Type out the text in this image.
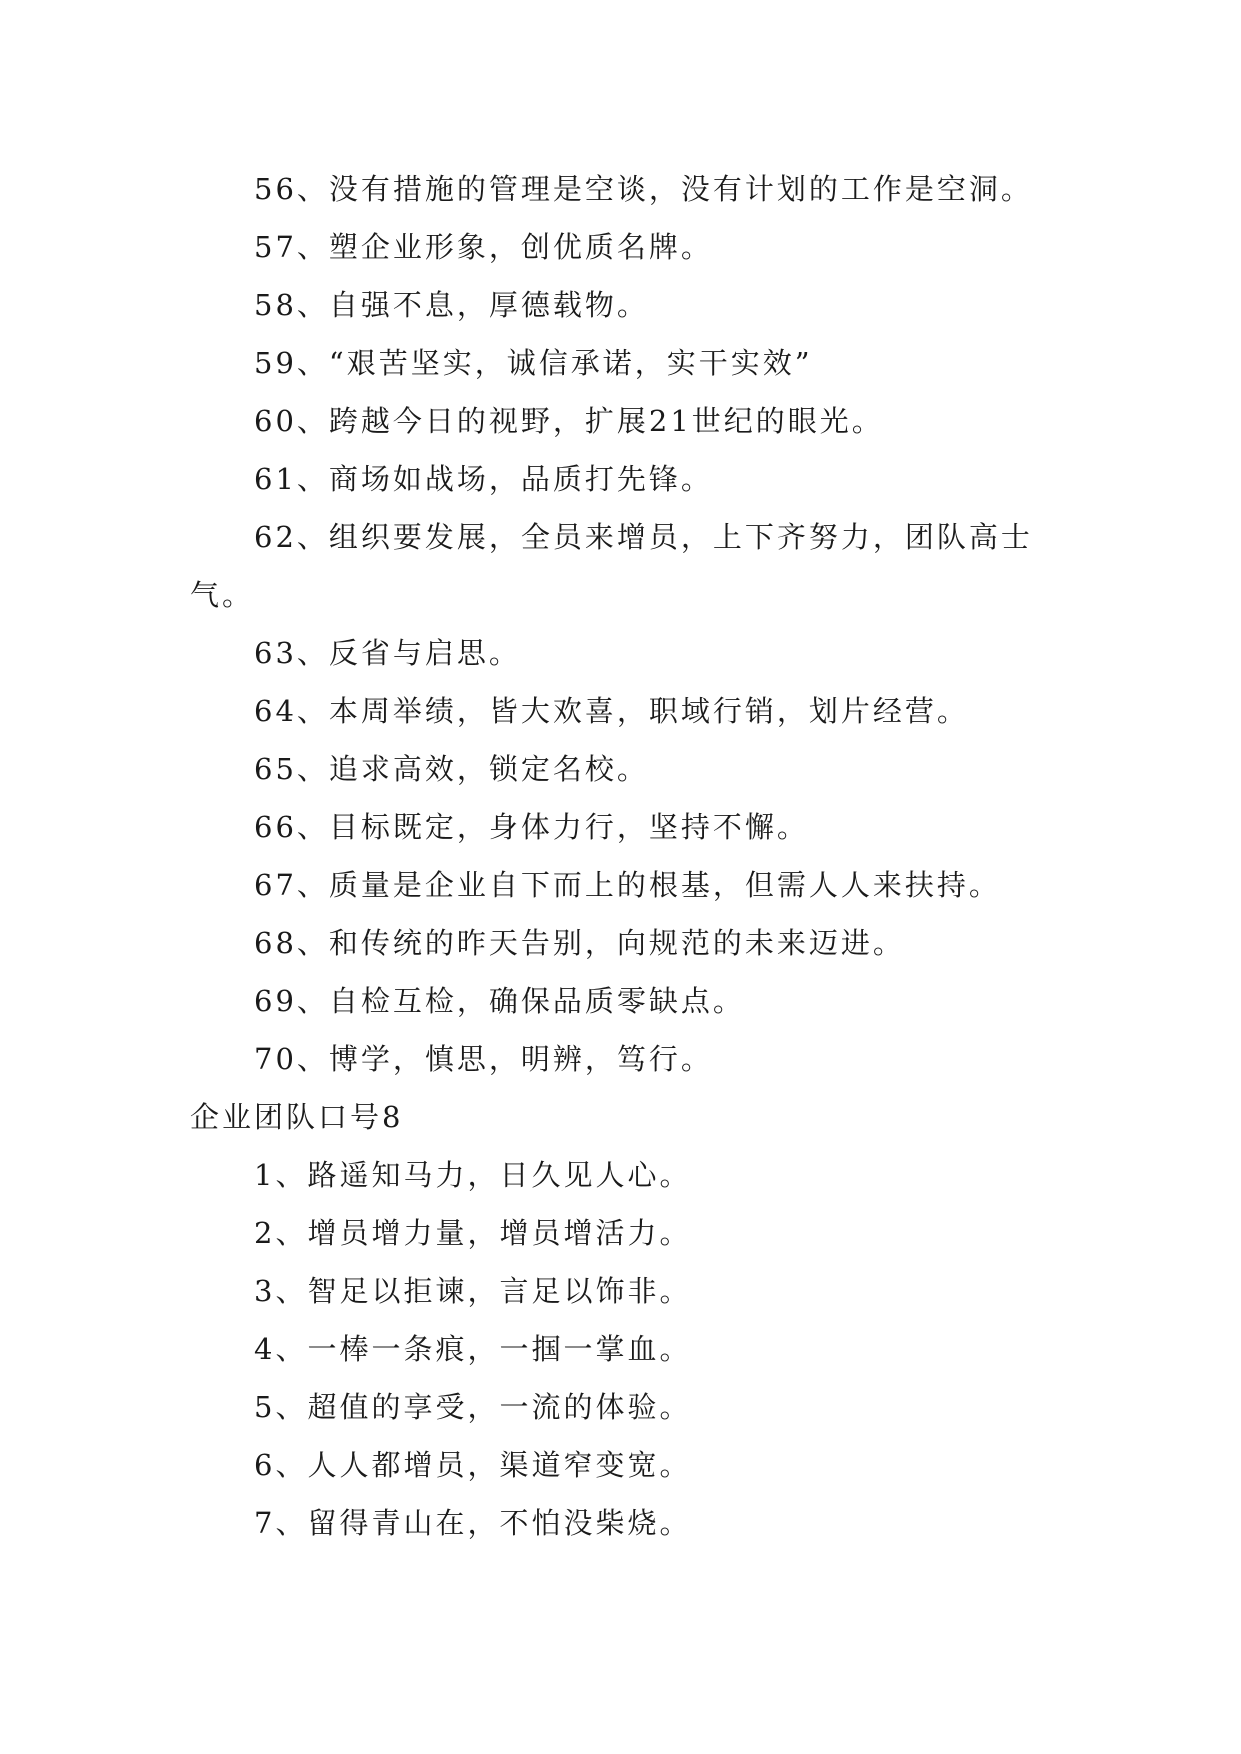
56、没有措施的管理是空谈，没有计划的工作是空洞。

57、塑企业形象，创优质名牌。

58、自强不息，厚德载物。

59、“艰苦坚实，诚信承诺，实干实效”

60、跨越今日的视野，扩展21世纪的眼光。

61、商场如战场，品质打先锋。

62、组织要发展，全员来增员，上下齐努力，团队高士

气。

63、反省与启思。

64、本周举绩，皆大欢喜，职域行销，划片经营。

65、追求高效，锁定名校。

66、目标既定，身体力行，坚持不懈。

67、质量是企业自下而上的根基，但需人人来扶持。

68、和传统的昨天告别，向规范的未来迈进。

69、自检互检，确保品质零缺点。

70、博学，慎思，明辨，笃行。

企业团队口号8

1、路遥知马力，日久见人心。

2、增员增力量，增员增活力。

3、智足以拒谏，言足以饰非。

4、一棒一条痕，一掴一掌血。

5、超值的享受，一流的体验。

6、人人都增员，渠道窄变宽。

7、留得青山在，不怕没柴烧。
